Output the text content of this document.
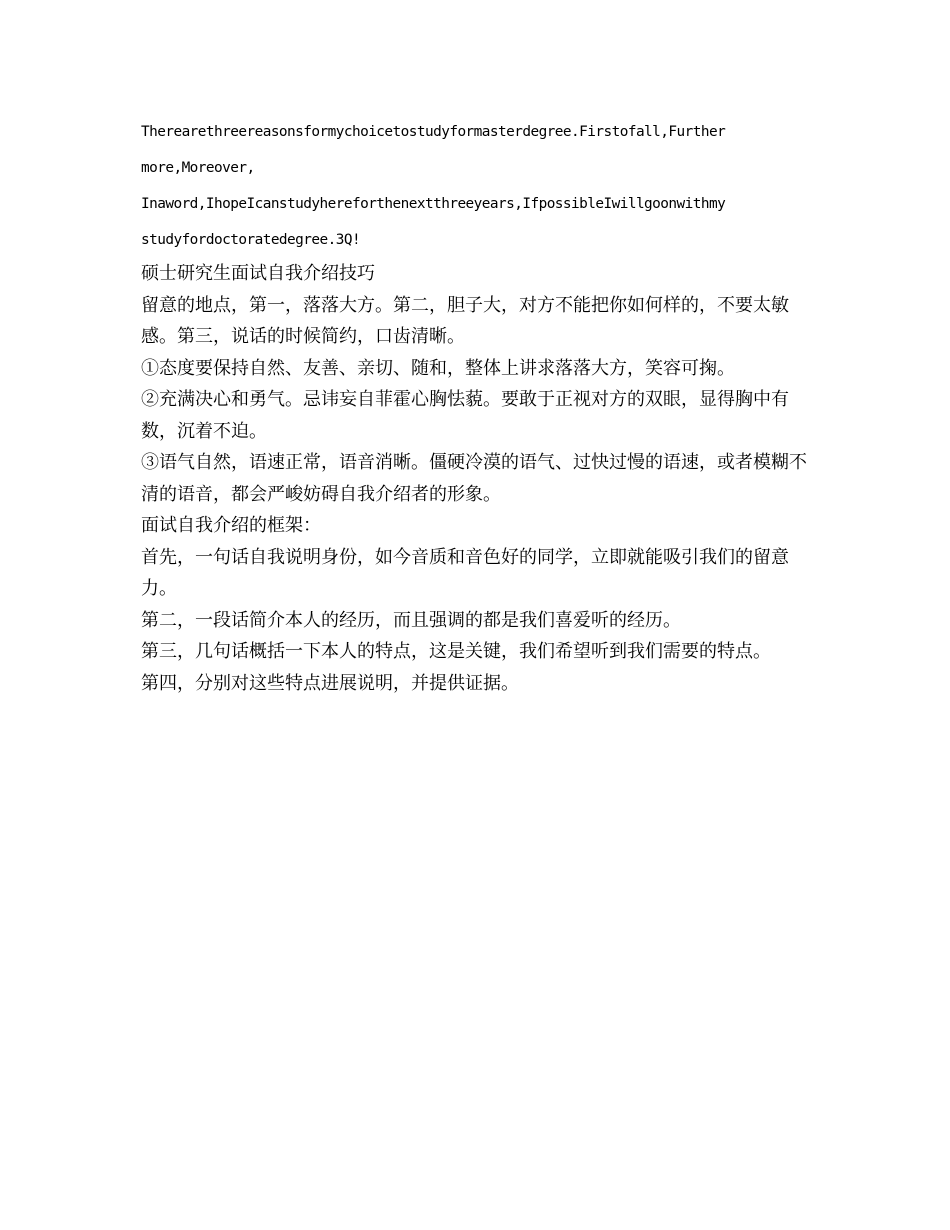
Therearethreereasonsformychoicetostudyformasterdegree.Firstofall,Further

more,Moreover,

Inaword,IhopeIcanstudyhereforthenextthreeyears,IfpossibleIwillgoonwithmy

studyfordoctoratedegree.3Q!

硕士研究生面试自我介绍技巧

留意的地点，第一，落落大方。第二，胆子大，对方不能把你如何样的，不要太敏感。第三，说话的时候简约，口齿清晰。

①态度要保持自然、友善、亲切、随和，整体上讲求落落大方，笑容可掬。

②充满决心和勇气。忌讳妄自菲霍心胸怯藐。要敢于正视对方的双眼，显得胸中有数，沉着不迫。

③语气自然，语速正常，语音消晰。僵硬冷漠的语气、过快过慢的语速，或者模糊不清的语音，都会严峻妨碍自我介绍者的形象。

面试自我介绍的框架：

首先，一句话自我说明身份，如今音质和音色好的同学，立即就能吸引我们的留意力。

第二，一段话简介本人的经历，而且强调的都是我们喜爱听的经历。

第三，几句话概括一下本人的特点，这是关键，我们希望听到我们需要的特点。

第四，分别对这些特点进展说明，并提供证据。
